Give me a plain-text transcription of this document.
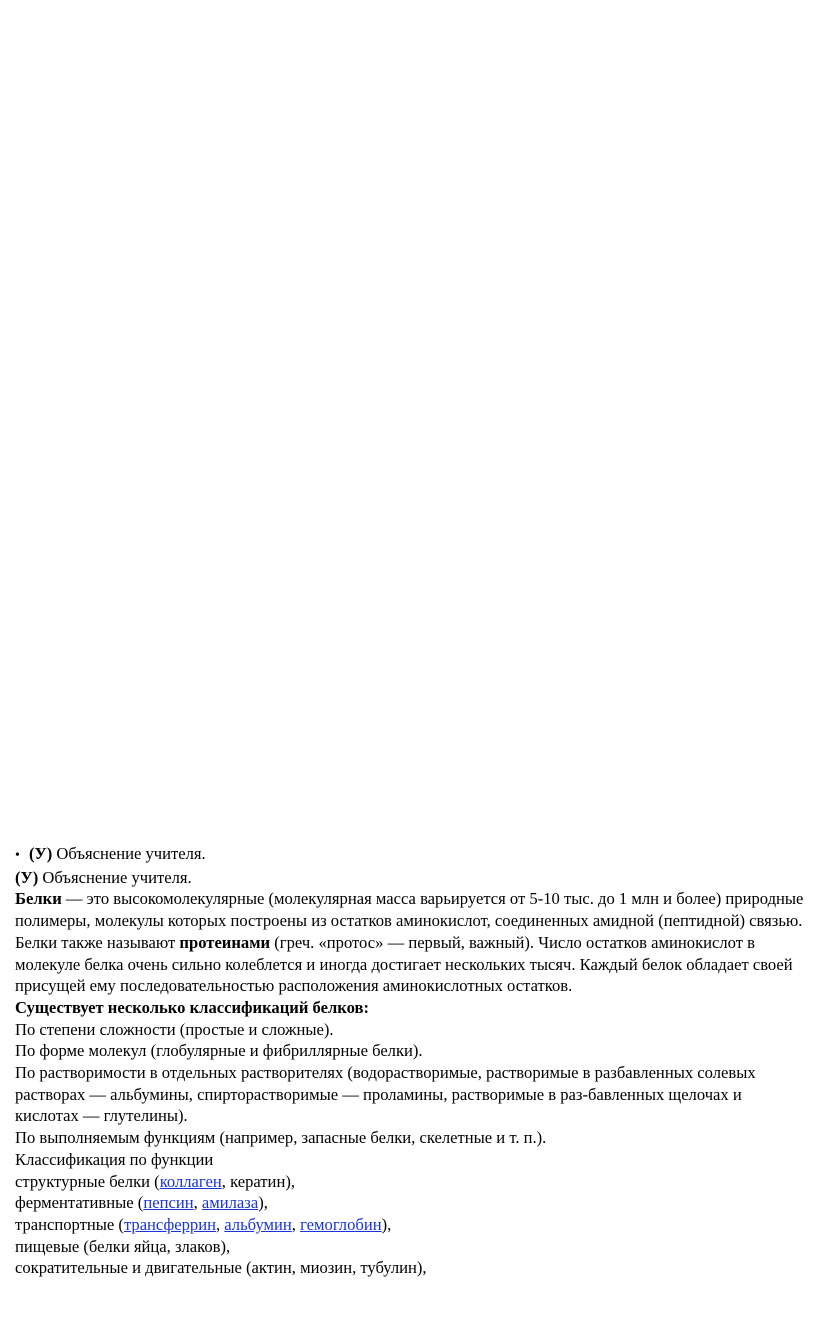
• (У) Объяснение учителя.

(У) Объяснение учителя.

Белки — это высокомолекулярные (молекулярная масса варьируется от 5-10 тыс. до 1 млн и более) природные полимеры, молекулы которых построены из остатков аминокислот, соединенных амидной (пептидной) связью.

Белки также называют протеинами (греч. «протос» — первый, важный). Число остатков аминокислот в молекуле белка очень сильно колеблется и иногда достигает нескольких тысяч. Каждый белок обладает своей присущей ему последовательностью расположения аминокислотных остатков.

Существует несколько классификаций белков:

По степени сложности (простые и сложные).

По форме молекул (глобулярные и фибриллярные белки).

По растворимости в отдельных растворителях (водорастворимые, растворимые в разбавленных солевых растворах — альбумины, спирторастворимые — проламины, растворимые в раз-бавленных щелочах и кислотах — глутелины).

По выполняемым функциям (например, запасные белки, скелетные и т. п.).

Классификация по функции

структурные белки (коллаген, кератин),

ферментативные (пепсин, амилаза),

транспортные (трансферрин, альбумин, гемоглобин),

пищевые (белки яйца, злаков),

сократительные и двигательные (актин, миозин, тубулин),
